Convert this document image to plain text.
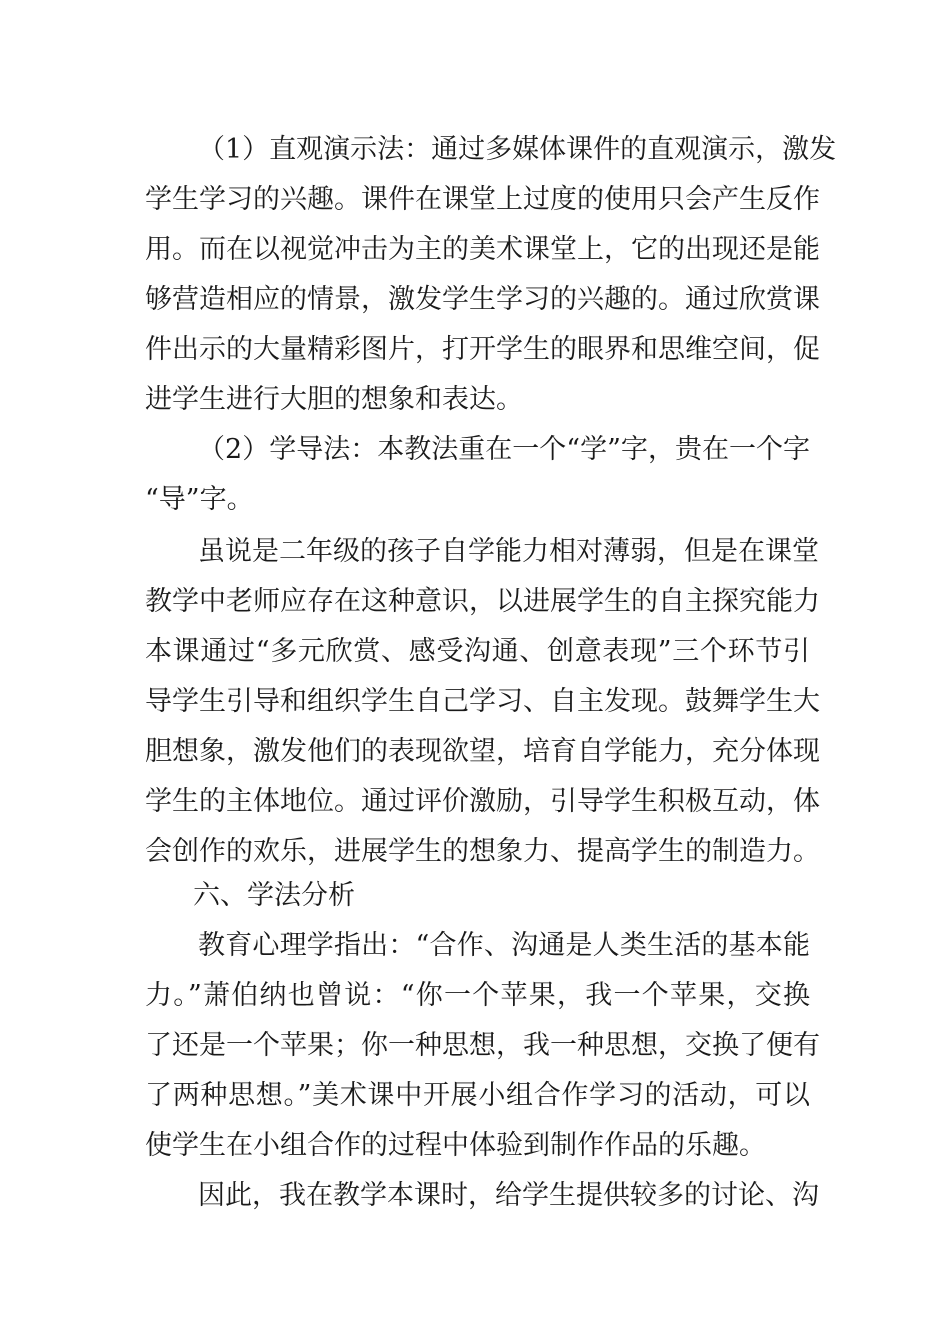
（1）直观演示法：通过多媒体课件的直观演示，激发
学生学习的兴趣。课件在课堂上过度的使用只会产生反作
用。而在以视觉冲击为主的美术课堂上，它的出现还是能
够营造相应的情景，激发学生学习的兴趣的。通过欣赏课
件出示的大量精彩图片，打开学生的眼界和思维空间，促
进学生进行大胆的想象和表达。
（2）学导法：本教法重在一个“学”字，贵在一个字
“导”字。
虽说是二年级的孩子自学能力相对薄弱，但是在课堂
教学中老师应存在这种意识，以进展学生的自主探究能力
本课通过“多元欣赏、感受沟通、创意表现”三个环节引
导学生引导和组织学生自己学习、自主发现。鼓舞学生大
胆想象，激发他们的表现欲望，培育自学能力，充分体现
学生的主体地位。通过评价激励，引导学生积极互动，体
会创作的欢乐，进展学生的想象力、提高学生的制造力。
六、学法分析
教育心理学指出：“合作、沟通是人类生活的基本能
力。”萧伯纳也曾说：“你一个苹果，我一个苹果，交换
了还是一个苹果；你一种思想，我一种思想，交换了便有
了两种思想。”美术课中开展小组合作学习的活动，可以
使学生在小组合作的过程中体验到制作作品的乐趣。
因此，我在教学本课时，给学生提供较多的讨论、沟
